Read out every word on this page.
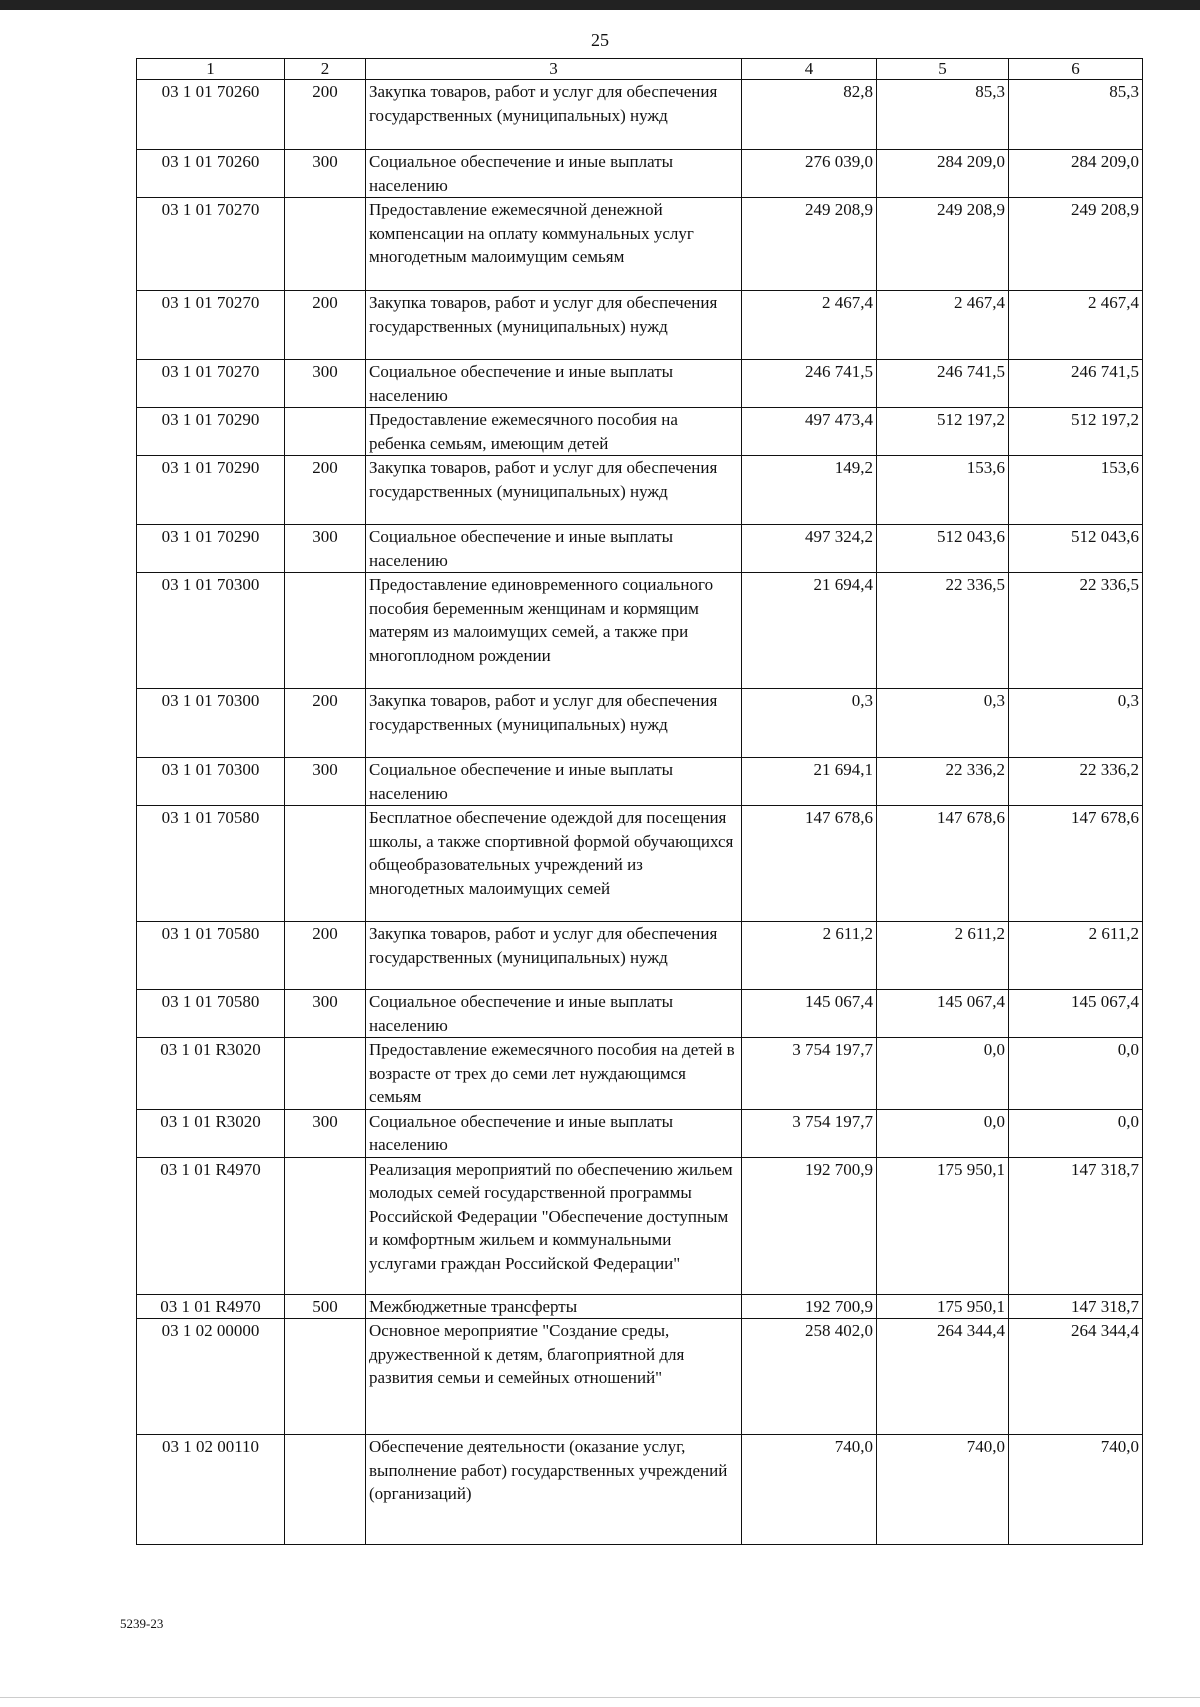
25
1	2	3	4	5	6
03 1 01 70260	200	Закупка товаров, работ и услуг для обеспечения государственных (муниципальных) нужд	82,8	85,3	85,3
03 1 01 70260	300	Социальное обеспечение и иные выплаты населению	276 039,0	284 209,0	284 209,0
03 1 01 70270		Предоставление ежемесячной денежной компенсации на оплату коммунальных услуг многодетным малоимущим семьям	249 208,9	249 208,9	249 208,9
03 1 01 70270	200	Закупка товаров, работ и услуг для обеспечения государственных (муниципальных) нужд	2 467,4	2 467,4	2 467,4
03 1 01 70270	300	Социальное обеспечение и иные выплаты населению	246 741,5	246 741,5	246 741,5
03 1 01 70290		Предоставление ежемесячного пособия на ребенка семьям, имеющим детей	497 473,4	512 197,2	512 197,2
03 1 01 70290	200	Закупка товаров, работ и услуг для обеспечения государственных (муниципальных) нужд	149,2	153,6	153,6
03 1 01 70290	300	Социальное обеспечение и иные выплаты населению	497 324,2	512 043,6	512 043,6
03 1 01 70300		Предоставление единовременного социального пособия беременным женщинам и кормящим матерям из малоимущих семей, а также при многоплодном рождении	21 694,4	22 336,5	22 336,5
03 1 01 70300	200	Закупка товаров, работ и услуг для обеспечения государственных (муниципальных) нужд	0,3	0,3	0,3
03 1 01 70300	300	Социальное обеспечение и иные выплаты населению	21 694,1	22 336,2	22 336,2
03 1 01 70580		Бесплатное обеспечение одеждой для посещения школы, а также спортивной формой обучающихся общеобразовательных учреждений из многодетных малоимущих семей	147 678,6	147 678,6	147 678,6
03 1 01 70580	200	Закупка товаров, работ и услуг для обеспечения государственных (муниципальных) нужд	2 611,2	2 611,2	2 611,2
03 1 01 70580	300	Социальное обеспечение и иные выплаты населению	145 067,4	145 067,4	145 067,4
03 1 01 R3020		Предоставление ежемесячного пособия на детей в возрасте от трех до семи лет нуждающимся семьям	3 754 197,7	0,0	0,0
03 1 01 R3020	300	Социальное обеспечение и иные выплаты населению	3 754 197,7	0,0	0,0
03 1 01 R4970		Реализация мероприятий по обеспечению жильем молодых семей государственной программы Российской Федерации "Обеспечение доступным и комфортным жильем и коммунальными услугами граждан Российской Федерации"	192 700,9	175 950,1	147 318,7
03 1 01 R4970	500	Межбюджетные трансферты	192 700,9	175 950,1	147 318,7
03 1 02 00000		Основное мероприятие "Создание среды, дружественной к детям, благоприятной для развития семьи и семейных отношений"	258 402,0	264 344,4	264 344,4
03 1 02 00110		Обеспечение деятельности (оказание услуг, выполнение работ) государственных учреждений (организаций)	740,0	740,0	740,0
5239-23
